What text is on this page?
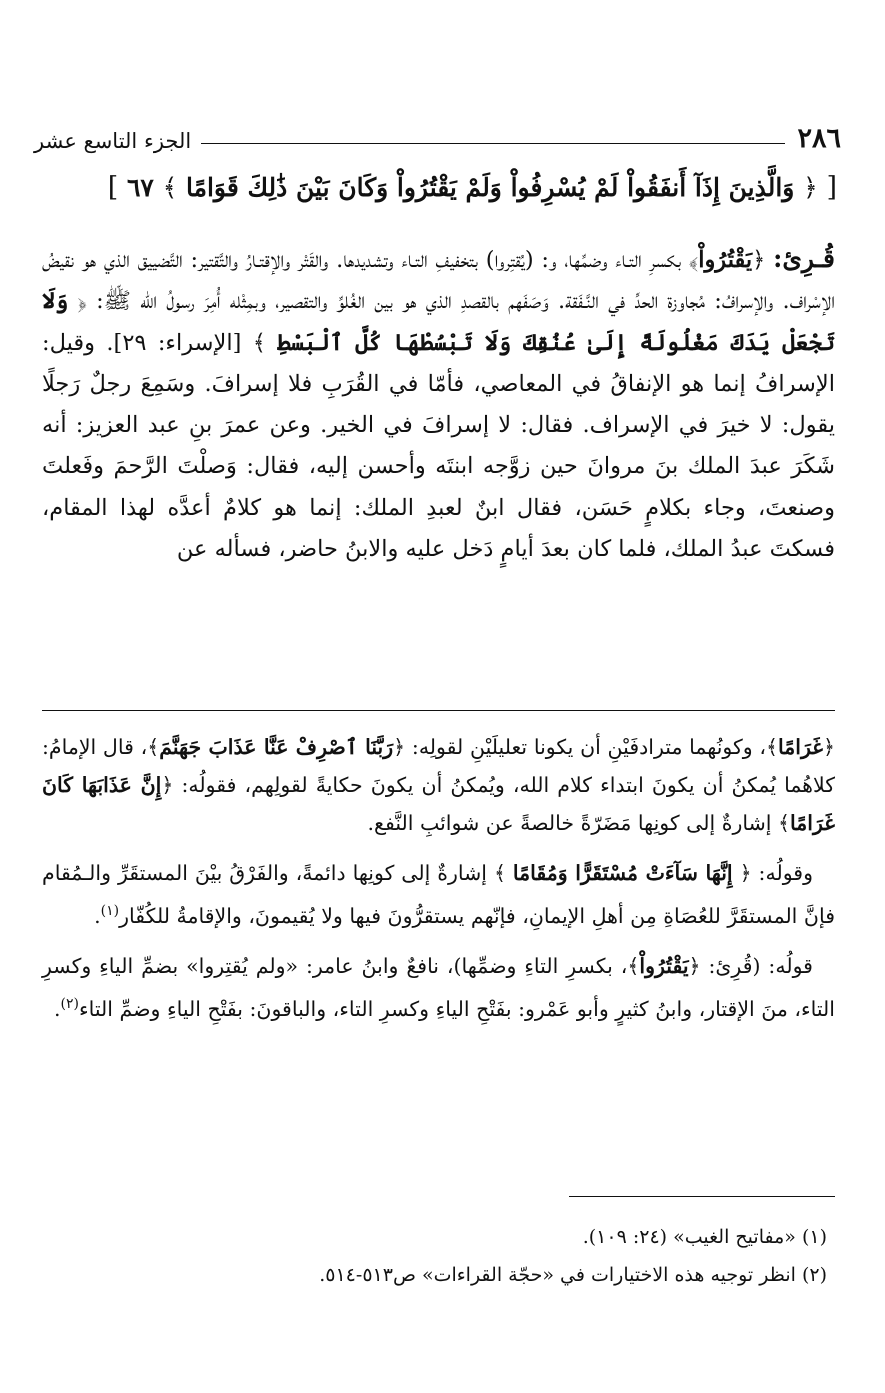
٢٨٦
الجزء التاسع عشر
[ ﴿ وَالَّذِينَ إِذَآ أَنفَقُواْ لَمْ يُسْرِفُواْ وَلَمْ يَقْتُرُواْ وَكَانَ بَيْنَ ذَٰلِكَ قَوَامًا ﴾ ٦٧ ]
قُـرِئ: ﴿يَقْتُرُواْ﴾ بكسرِ التـاء وضمِّها، و: (يُقتِروا) بتخفيفِ التـاء وتشديدها. والقَتْر والإقتـارُ والتَّقتير: التَّضييق الذي هو نقيضُ الإسْراف. والإسرافُ: مُجاوزة الحدِّ في النَّـفَقة. وَصَفَهم بالقصدِ الذي هو بين الغُلوِّ والتقصير، وبمِثْله أُمِرَ رسولُ الله ﷺ: ﴿ وَلَا تَجْعَلْ يَدَكَ مَغْلُولَةً إِلَىٰ عُنُقِكَ وَلَا تَبْسُطْهَا كُلَّ ٱلْبَسْطِ ﴾ [الإسراء: ٢٩]. وقيل: الإسرافُ إنما هو الإنفاقُ في المعاصي، فأمّا في القُرَبِ فلا إسرافَ. وسَمِعَ رجلٌ رَجلًا يقول: لا خيرَ في الإسراف. فقال: لا إسرافَ في الخير. وعن عمرَ بنِ عبد العزيز: أنه شَكَرَ عبدَ الملك بنَ مروانَ حين زوَّجه ابنتَه وأحسن إليه، فقال: وَصلْتَ الرَّحمَ وفَعلتَ وصنعتَ، وجاء بكلامٍ حَسَن، فقال ابنٌ لعبدِ الملك: إنما هو كلامٌ أعدَّه لهذا المقام، فسكتَ عبدُ الملك، فلما كان بعدَ أيامٍ دَخل عليه والابنُ حاضر، فسأله عن

﴿غَرَامًا﴾، وكونُهما مترادفَيْنِ أن يكونا تعليلَيْنِ لقولِه: ﴿رَبَّنَا ٱصْرِفْ عَنَّا عَذَابَ جَهَنَّمَ﴾، قال الإمامُ: كلاهُما يُمكنُ أن يكونَ ابتداء كلام الله، ويُمكنُ أن يكونَ حكايةً لقولِهم، فقولُه: ﴿إِنَّ عَذَابَهَا كَانَ غَرَامًا﴾ إشارةٌ إلى كونِها مَضَرّةً خالصةً عن شوائبِ النَّفع.

وقولُه: ﴿ إِنَّهَا سَآءَتْ مُسْتَقَرًّا وَمُقَامًا ﴾ إشارةٌ إلى كونِها دائمةً، والفَرْقُ بيْنَ المستقَرِّ والـمُقام فإنَّ المستقَرَّ للعُصَاةِ مِن أهلِ الإيمانِ، فإنّهم يستقرُّونَ فيها ولا يُقيمونَ، والإقامةُ للكُفّار$^{(١)}$.

قولُه: (قُرِئ: ﴿يَقْتُرُواْ﴾، بكسرِ التاءِ وضمِّها)، نافعٌ وابنُ عامر: «ولم يُقتِروا» بضمِّ الياءِ وكسرِ التاء، منَ الإقتار، وابنُ كثيرٍ وأبو عَمْرو: بفَتْحِ الياءِ وكسرِ التاء، والباقونَ: بفَتْحِ الياءِ وضمِّ التاء$^{(٢)}$.

(١) «مفاتيح الغيب» (٢٤: ١٠٩).
(٢) انظر توجيه هذه الاختيارات في «حجّة القراءات» ص٥١٣-٥١٤.
